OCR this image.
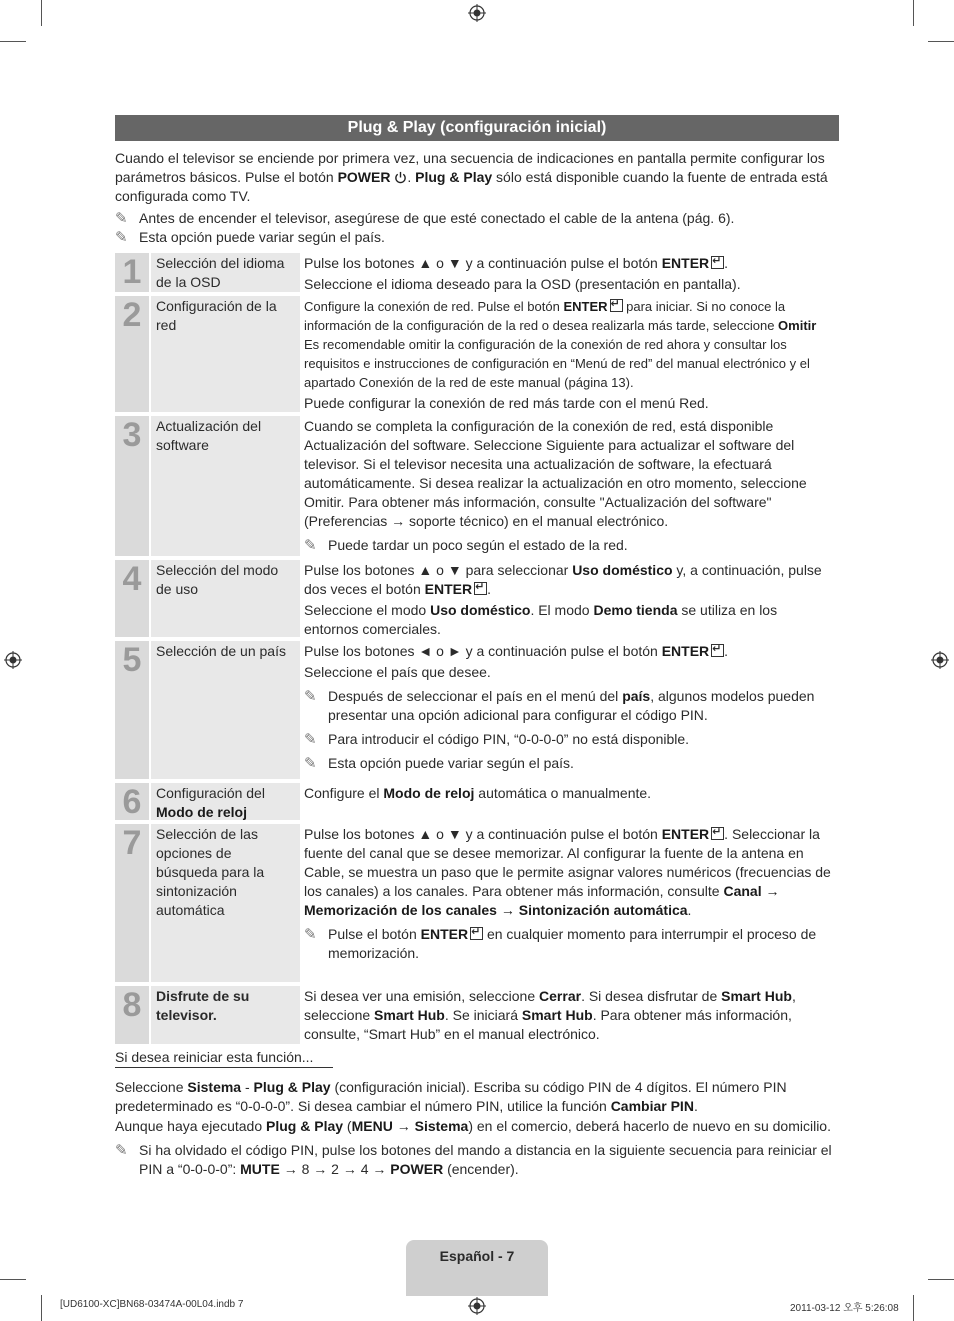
Plug & Play (configuración inicial)

Cuando el televisor se enciende por primera vez, una secuencia de indicaciones en pantalla permite configurar los parámetros básicos. Pulse el botón POWER . Plug & Play sólo está disponible cuando la fuente de entrada está configurada como TV.

✎ Antes de encender el televisor, asegúrese de que esté conectado el cable de la antena (pág. 6).
✎ Esta opción puede variar según el país.
1	Selección del idioma de la OSD

Pulse los botones ▲ o ▼ y a continuación pulse el botón ENTER ↵ .

Seleccione el idioma deseado para la OSD (presentación en pantalla).

2	Configuración de la red

Configure la conexión de red. Pulse el botón ENTER↵ para iniciar. Si no conoce la información de la configuración de la red o desea realizarla más tarde, seleccione Omitir Es recomendable omitir la configuración de la conexión de red ahora y consultar los requisitos e instrucciones de configuración en “Menú de red” del manual electrónico y el apartado Conexión de la red de este manual (página 13).

Puede configurar la conexión de red más tarde con el menú Red.

3	Actualización del software

Cuando se completa la configuración de la conexión de red, está disponible Actualización del software. Seleccione Siguiente para actualizar el software del televisor. Si el televisor necesita una actualización de software, la efectuará automáticamente. Si desea realizar la actualización en otro momento, seleccione Omitir. Para obtener más información, consulte "Actualización del software" (Preferencias → soporte técnico) en el manual electrónico.

✎ Puede tardar un poco según el estado de la red.
4	Selección del modo de uso

Pulse los botones ▲ o ▼ para seleccionar Uso doméstico y, a continuación, pulse dos veces el botón ENTER ↵ .

Seleccione el modo Uso doméstico. El modo Demo tienda se utiliza en los entornos comerciales.

5	Selección de un país	Pulse los botones ◄ o ► y a continuación pulse el botón ENTER ↵ .

Seleccione el país que desee.

✎ Después de seleccionar el país en el menú del país, algunos modelos pueden presentar una opción adicional para configurar el código PIN.
✎ Para introducir el código PIN, “0-0-0-0” no está disponible.
✎ Esta opción puede variar según el país.
6	Configuración del Modo de reloj

Configure el Modo de reloj automática o manualmente.

7	Selección de las opciones de búsqueda para la sintonización automática

Pulse los botones ▲ o ▼ y a continuación pulse el botón ENTER ↵ . Seleccionar la fuente del canal que se desee memorizar. Al configurar la fuente de la antena en Cable, se muestra un paso que le permite asignar valores numéricos (frecuencias de los canales) a los canales. Para obtener más información, consulte Canal → Memorización de los canales → Sintonización automática.

✎ Pulse el botón ENTER↵ en cualquier momento para interrumpir el proceso de memorización.
8	Disfrute de su televisor.

Si desea ver una emisión, seleccione Cerrar. Si desea disfrutar de Smart Hub, seleccione Smart Hub. Se iniciará Smart Hub. Para obtener más información, consulte, “Smart Hub” en el manual electrónico.

Si desea reiniciar esta función...

Seleccione Sistema - Plug & Play (configuración inicial). Escriba su código PIN de 4 dígitos. El número PIN predeterminado es “0-0-0-0”. Si desea cambiar el número PIN, utilice la función Cambiar PIN.

Aunque haya ejecutado Plug & Play (MENU → Sistema) en el comercio, deberá hacerlo de nuevo en su domicilio.

✎ Si ha olvidado el código PIN, pulse los botones del mando a distancia en la siguiente secuencia para reiniciar el PIN a “0-0-0-0”: MUTE → 8 → 2 → 4 → POWER (encender).
Español - 7
[UD6100-XC]BN68-03474A-00L04.indb 7	2011-03-12 오후 5:26:08
